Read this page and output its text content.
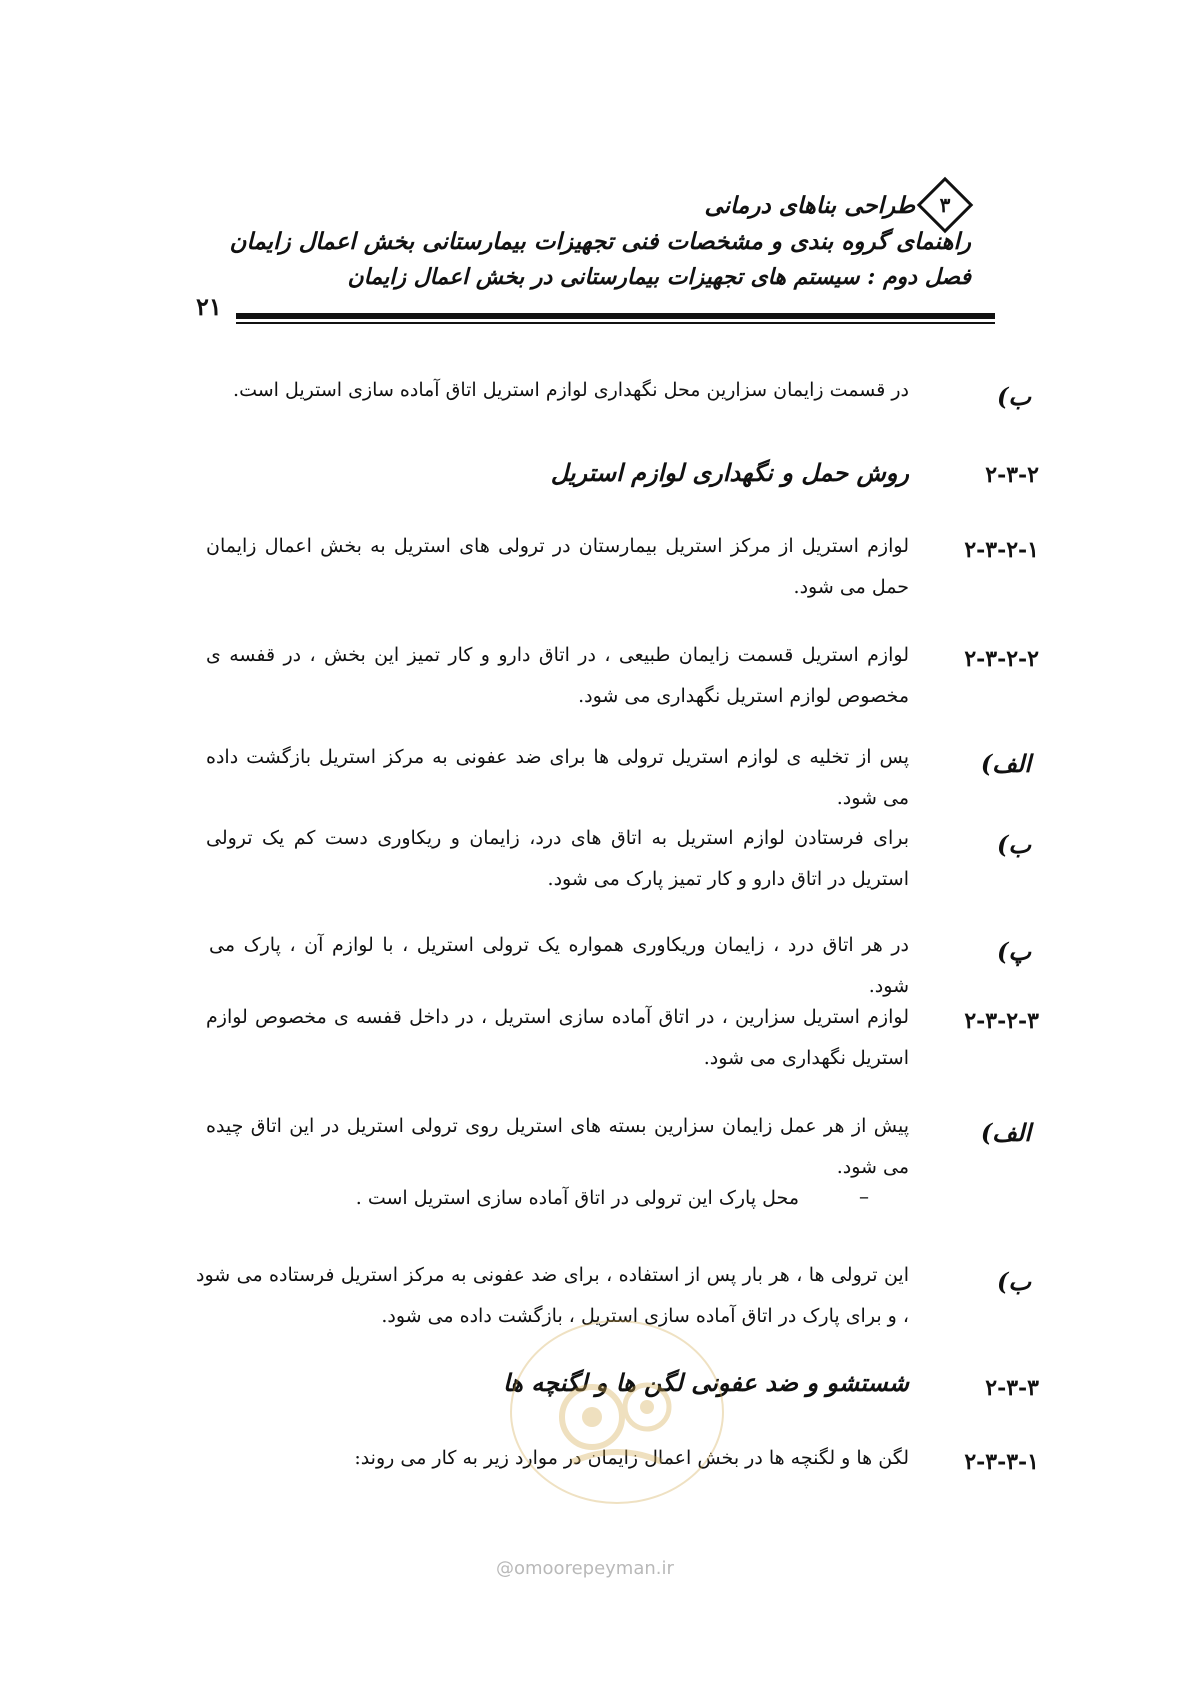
طراحی بناهای درمانی	۳
راهنمای گروه بندی و مشخصات فنی تجهیزات بیمارستانی بخش اعمال زایمان
فصل دوم : سیستم های تجهیزات بیمارستانی در بخش اعمال زایمان
۲۱
ب)
در قسمت زایمان سزارین محل نگهداری لوازم استریل اتاق آماده سازی استریل است.
۲-۳-۲
روش حمل و نگهداری لوازم استریل
۲-۳-۲-۱
لوازم استریل از مرکز استریل بیمارستان در ترولی های استریل به بخش اعمال زایمان حمل می شود.
۲-۳-۲-۲
لوازم استریل قسمت زایمان طبیعی ، در اتاق دارو و کار تمیز این بخش ، در قفسه ی مخصوص لوازم استریل نگهداری می شود.
الف)
پس از تخلیه ی لوازم استریل ترولی ها برای ضد عفونی به مرکز استریل بازگشت داده می شود.
ب)
برای فرستادن لوازم استریل به اتاق های درد، زایمان و ریکاوری دست کم یک ترولی استریل در اتاق دارو و کار تمیز پارک می شود.
پ)
در هر اتاق درد ، زایمان وریکاوری همواره یک ترولی استریل ، با لوازم آن ، پارک می شود.
۲-۳-۲-۳
لوازم استریل سزارین ، در اتاق آماده سازی استریل ، در داخل قفسه ی مخصوص لوازم استریل نگهداری می شود.
الف)
پیش از هر عمل زایمان سزارین بسته های استریل روی ترولی استریل در این اتاق چیده می شود.
–
محل پارک این ترولی در اتاق آماده سازی استریل است .
ب)
این ترولی ها ، هر بار پس از استفاده ، برای ضد عفونی به مرکز استریل فرستاده می شود ، و برای پارک در اتاق آماده سازی استریل ، بازگشت داده می شود.
۲-۳-۳
شستشو و ضد عفونی لگن ها و لگنچه ها
۲-۳-۳-۱
لگن ها و لگنچه ها در بخش اعمال زایمان در موارد زیر به کار می روند:
@omoorepeyman.ir
